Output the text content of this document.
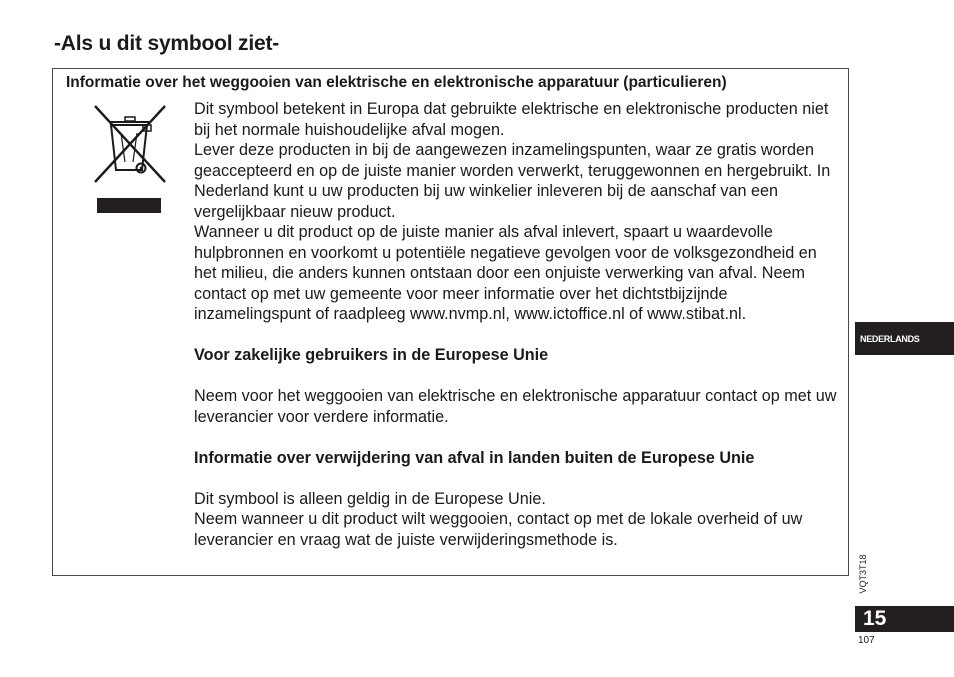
-Als u dit symbool ziet-
Informatie over het weggooien van elektrische en elektronische apparatuur (particulieren)

Dit symbool betekent in Europa dat gebruikte elektrische en elektronische producten niet bij het normale huishoudelijke afval mogen.

Lever deze producten in bij de aangewezen inzamelingspunten, waar ze gratis worden geaccepteerd en op de juiste manier worden verwerkt, teruggewonnen en hergebruikt. In Nederland kunt u uw producten bij uw winkelier inleveren bij de aanschaf van een vergelijkbaar nieuw product.

Wanneer u dit product op de juiste manier als afval inlevert, spaart u waardevolle hulpbronnen en voorkomt u potentiële negatieve gevolgen voor de volksgezondheid en het milieu, die anders kunnen ontstaan door een onjuiste verwerking van afval. Neem contact op met uw gemeente voor meer informatie over het dichtstbijzijnde inzamelingspunt of raadpleeg www.nvmp.nl, www.ictoffice.nl of www.stibat.nl.

Voor zakelijke gebruikers in de Europese Unie

Neem voor het weggooien van elektrische en elektronische apparatuur contact op met uw leverancier voor verdere informatie.

Informatie over verwijdering van afval in landen buiten de Europese Unie

Dit symbool is alleen geldig in de Europese Unie.

Neem wanneer u dit product wilt weggooien, contact op met de lokale overheid of uw leverancier en vraag wat de juiste verwijderingsmethode is.

NEDERLANDS
VQT3T18
15
107
